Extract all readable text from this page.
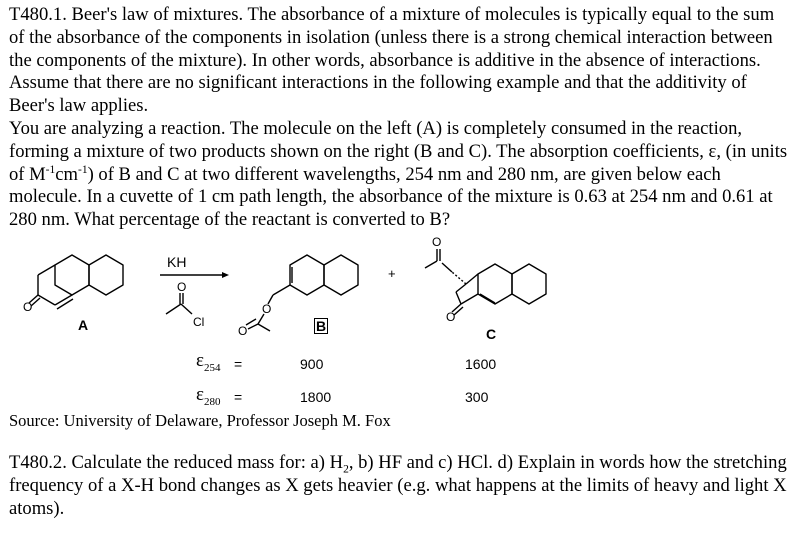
T480.1. Beer's law of mixtures. The absorbance of a mixture of molecules is typically equal to the sum of the absorbance of the components in isolation (unless there is a strong chemical interaction between the components of the mixture). In other words, absorbance is additive in the absence of interactions. Assume that there are no significant interactions in the following example and that the additivity of Beer's law applies.
You are analyzing a reaction. The molecule on the left (A) is completely consumed in the reaction, forming a mixture of two products shown on the right (B and C). The absorption coefficients, ε, (in units of $M^{-1}cm^{-1}$) of B and C at two different wavelengths, 254 nm and 280 nm, are given below each molecule. In a cuvette of 1 cm path length, the absorbance of the mixture is 0.63 at 254 nm and 0.61 at 280 nm. What percentage of the reactant is converted to B?

O
O
Cl
O
O
O
O
KH
+
A	B	C
$\varepsilon_{254}$ =	900	1600
$\varepsilon_{280}$ =	1800	300

Source: University of Delaware, Professor Joseph M. Fox

T480.2. Calculate the reduced mass for: a) $H_2$, b) HF and c) HCl. d) Explain in words how the stretching frequency of a X-H bond changes as X gets heavier (e.g. what happens at the limits of heavy and light X atoms).
